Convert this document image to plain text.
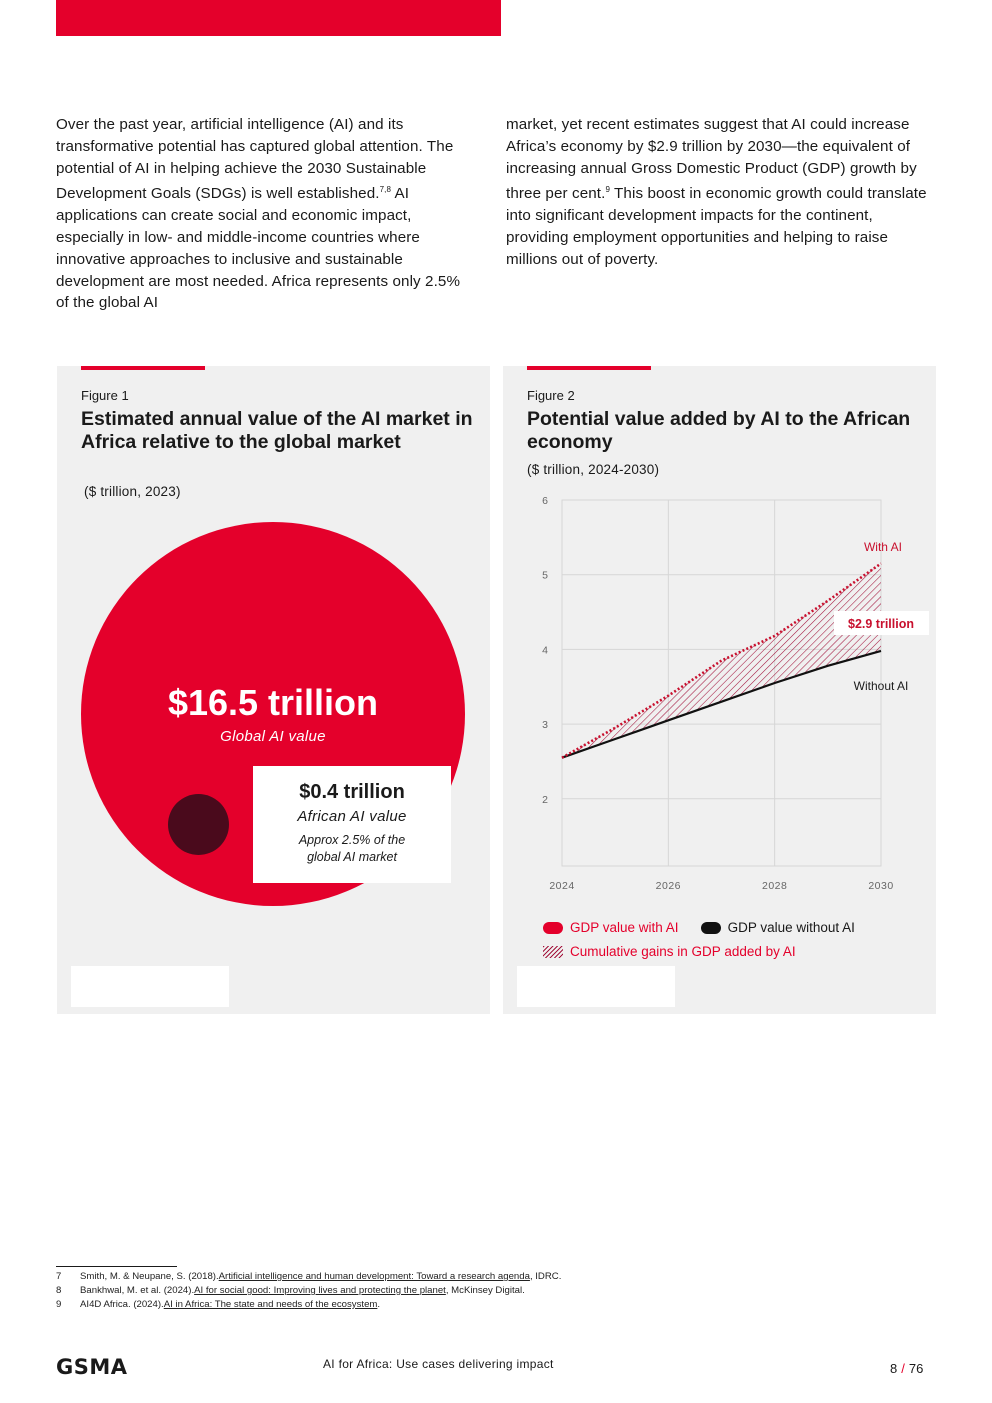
Over the past year, artificial intelligence (AI) and its transformative potential has captured global attention. The potential of AI in helping achieve the 2030 Sustainable Development Goals (SDGs) is well established.$^{7,8}$ AI applications can create social and economic impact, especially in low- and middle-income countries where innovative approaches to inclusive and sustainable development are most needed. Africa represents only 2.5% of the global AI

market, yet recent estimates suggest that AI could increase Africa’s economy by $2.9 trillion by 2030—the equivalent of increasing annual Gross Domestic Product (GDP) growth by three per cent.$^9$ This boost in economic growth could translate into significant development impacts for the continent, providing employment opportunities and helping to raise millions out of poverty.

Figure 1
Estimated annual value of the AI market in Africa relative to the global market
($ trillion, 2023)
$16.5 trillion
Global AI value
$0.4 trillion
African AI value
Approx 2.5% of the global AI market
Figure 2
Potential value added by AI to the African economy
($ trillion, 2024-2030)
2
3
4
5
6
2024	2026	2028	2030
With AI
$2.9 trillion
Without AI
GDP value with AI	GDP value without AI
Cumulative gains in GDP added by AI
7	Smith, M. & Neupane, S. (2018). Artificial intelligence and human development: Toward a research agenda , IDRC.
8	Bankhwal, M. et al. (2024). AI for social good: Improving lives and protecting the planet , McKinsey Digital.
9	AI4D Africa. (2024). AI in Africa: The state and needs of the ecosystem .
GSMA	AI for Africa: Use cases delivering impact	8 / 76
